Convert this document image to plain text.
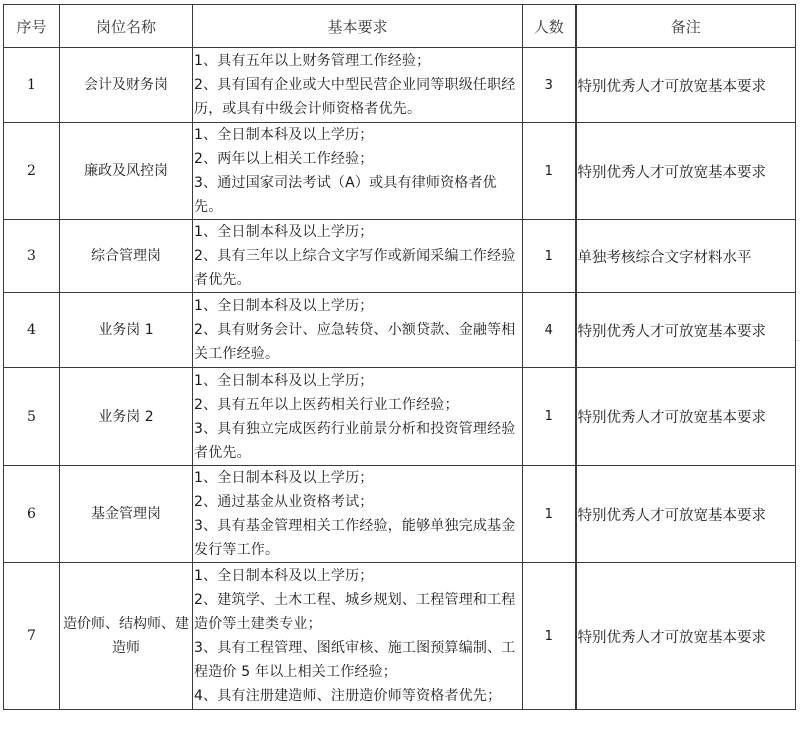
序号	岗位名称	基本要求	人数	备注
1	会计及财务岗	1、具有五年以上财务管理工作经验；
2、具有国有企业或大中型民营企业同等职级任职经历，或具有中级会计师资格者优先。	3	特别优秀人才可放宽基本要求
2	廉政及风控岗	1、全日制本科及以上学历；
2、两年以上相关工作经验；
3、通过国家司法考试（A）或具有律师资格者优先。	1	特别优秀人才可放宽基本要求
3	综合管理岗	1、全日制本科及以上学历；
2、具有三年以上综合文字写作或新闻采编工作经验者优先。	1	单独考核综合文字材料水平
4	业务岗 1	1、全日制本科及以上学历；
2、具有财务会计、应急转贷、小额贷款、金融等相关工作经验。	4	特别优秀人才可放宽基本要求
5	业务岗 2	1、全日制本科及以上学历；
2、具有五年以上医药相关行业工作经验；
3、具有独立完成医药行业前景分析和投资管理经验者优先。	1	特别优秀人才可放宽基本要求
6	基金管理岗	1、全日制本科及以上学历；
2、通过基金从业资格考试；
3、具有基金管理相关工作经验，能够单独完成基金发行等工作。	1	特别优秀人才可放宽基本要求
7	造价师、结构师、建造师	1、全日制本科及以上学历；
2、建筑学、土木工程、城乡规划、工程管理和工程造价等土建类专业；
3、具有工程管理、图纸审核、施工图预算编制、工程造价 5 年以上相关工作经验；
4、具有注册建造师、注册造价师等资格者优先；	1	特别优秀人才可放宽基本要求
